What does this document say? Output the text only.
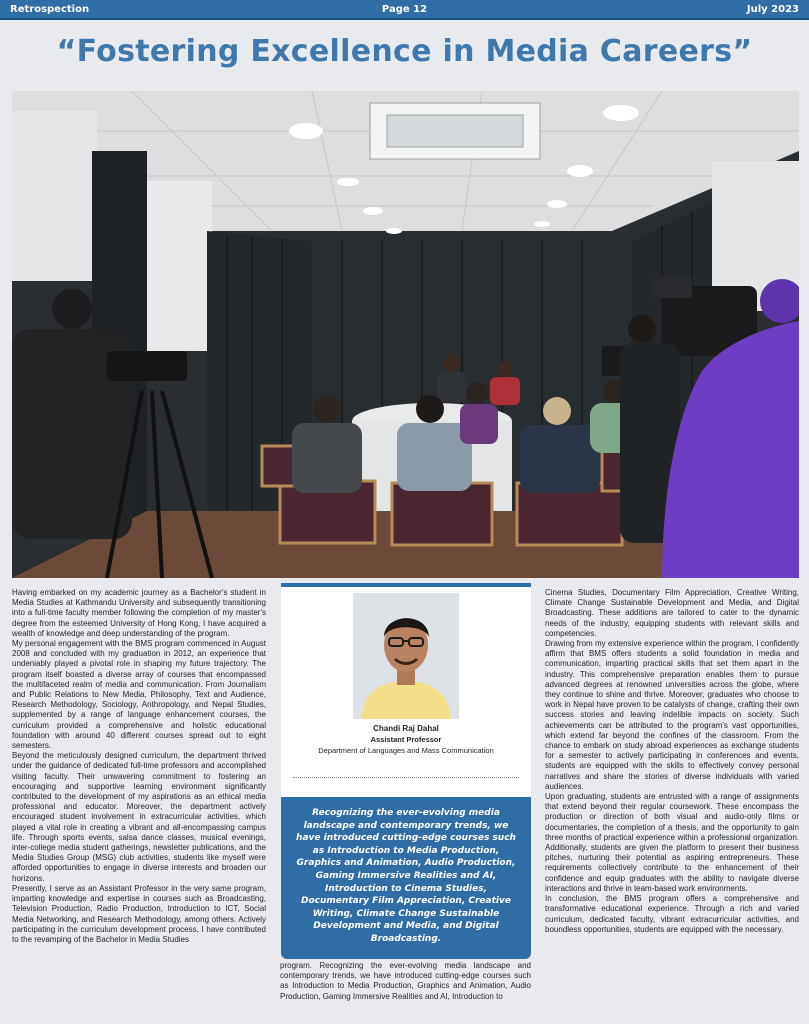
Retrospection	Page 12	July 2023
“Fostering Excellence in Media Careers”

Having embarked on my academic journey as a Bachelor's student in Media Studies at Kathmandu University and subsequently transitioning into a full-time faculty member following the completion of my master's degree from the esteemed University of Hong Kong, I have acquired a wealth of knowledge and deep understanding of the program.

My personal engagement with the BMS program commenced in August 2008 and concluded with my graduation in 2012, an experience that undeniably played a pivotal role in shaping my future trajectory. The program itself boasted a diverse array of courses that encompassed the multifaceted realm of media and communication. From Journalism and Public Relations to New Media, Philosophy, Text and Audience, Research Methodology, Sociology, Anthropology, and Nepal Studies, supplemented by a range of language enhancement courses, the curriculum provided a comprehensive and holistic educational foundation with around 40 different courses spread out to eight semesters.

Beyond the meticulously designed curriculum, the department thrived under the guidance of dedicated full-time professors and accomplished visiting faculty. Their unwavering commitment to fostering an encouraging and supportive learning environment significantly contributed to the development of my aspirations as an ethical media professional and educator. Moreover, the department actively encouraged student involvement in extracurricular activities, which played a vital role in creating a vibrant and all-encompassing campus life. Through sports events, salsa dance classes, musical evenings, inter-college media student gatherings, newsletter publications, and the Media Studies Group (MSG) club activities, students like myself were afforded opportunities to engage in diverse interests and broaden our horizons.

Presently, I serve as an Assistant Professor in the very same program, imparting knowledge and expertise in courses such as Broadcasting, Television Production, Radio Production, Introduction to ICT, Social Media Networking, and Research Methodology, among others. Actively participating in the curriculum development process, I have contributed to the revamping of the Bachelor in Media Studies

Chandi Raj Dahal
Assistant Professor
Department of Languages and Mass Communication
Recognizing the ever-evolving media landscape and contemporary trends, we have introduced cutting-edge courses such as Introduction to Media Production, Graphics and Animation, Audio Production, Gaming Immersive Realities and AI, Introduction to Cinema Studies, Documentary Film Appreciation, Creative Writing, Climate Change Sustainable Development and Media, and Digital Broadcasting.

program. Recognizing the ever-evolving media landscape and contemporary trends, we have introduced cutting-edge courses such as Introduction to Media Production, Graphics and Animation, Audio Production, Gaming Immersive Realities and AI, Introduction to

Cinema Studies, Documentary Film Appreciation, Creative Writing, Climate Change Sustainable Development and Media, and Digital Broadcasting. These additions are tailored to cater to the dynamic needs of the industry, equipping students with relevant skills and competencies.

Drawing from my extensive experience within the program, I confidently affirm that BMS offers students a solid foundation in media and communication, imparting practical skills that set them apart in the industry. This comprehensive preparation enables them to pursue advanced degrees at renowned universities across the globe, where they continue to shine and thrive. Moreover, graduates who choose to work in Nepal have proven to be catalysts of change, crafting their own success stories and leaving indelible impacts on society. Such achievements can be attributed to the program's vast opportunities, which extend far beyond the confines of the classroom. From the chance to embark on study abroad experiences as exchange students for a semester to actively participating in conferences and events, students are equipped with the skills to effectively convey personal narratives and share the stories of diverse individuals with varied audiences.

Upon graduating, students are entrusted with a range of assignments that extend beyond their regular coursework. These encompass the production or direction of both visual and audio-only films or documentaries, the completion of a thesis, and the opportunity to gain three months of practical experience within a professional organization. Additionally, students are given the platform to present their business pitches, nurturing their potential as aspiring entrepreneurs. These requirements collectively contribute to the enhancement of their confidence and equip graduates with the ability to navigate diverse interactions and thrive in team-based work environments.

In conclusion, the BMS program offers a comprehensive and transformative educational experience. Through a rich and varied curriculum, dedicated faculty, vibrant extracurricular activities, and boundless opportunities, students are equipped with the necessary.
